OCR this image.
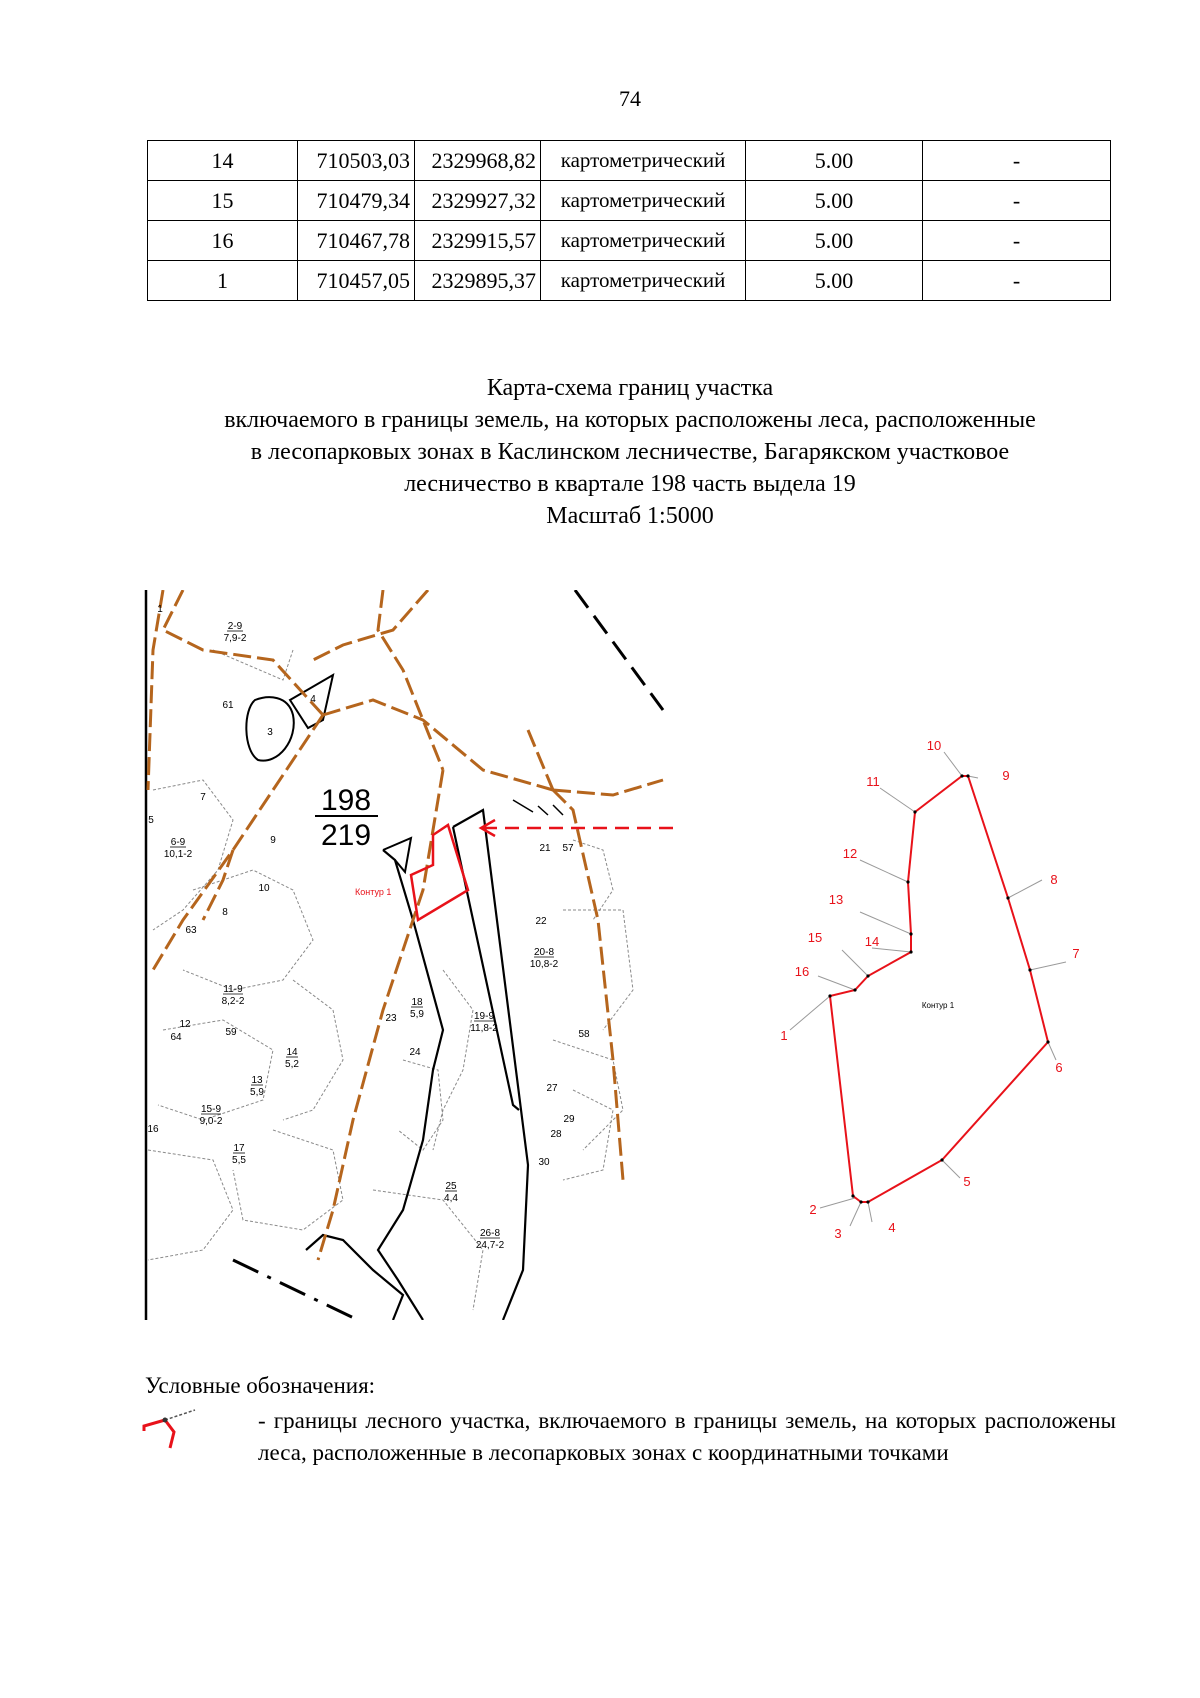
74
14	710503,03	2329968,82	картометрический	5.00	-
15	710479,34	2329927,32	картометрический	5.00	-
16	710467,78	2329915,57	картометрический	5.00	-
1	710457,05	2329895,37	картометрический	5.00	-
Карта-схема границ участка
включаемого в границы земель, на которых расположены леса, расположенные
в лесопарковых зонах в Каслинском лесничестве, Багарякском участковое
лесничество в квартале 198 часть выдела 19
Масштаб 1:5000
198
219
Контур 1
2-9
7,9-2
6-9
10,1-2
11-9
8,2-2
15-9
9,0-2
14
5,2
13
5,9
17
5,5
18
5,9	19-9
11,8-2
20-8
10,8-2
25
4,4
26-8
24,7-2
1
61
4
3
7
5
9
10
8
63
12
64	59
16
23
24
21 57
22
58
27
29
28
30
Контур 1
1
2
3	4
5
6
7
8
9
10
11
12
13
14
15
16
Условные обозначения:
- границы лесного участка, включаемого в границы земель, на которых расположены леса, расположенные в лесопарковых зонах с координатными точками
